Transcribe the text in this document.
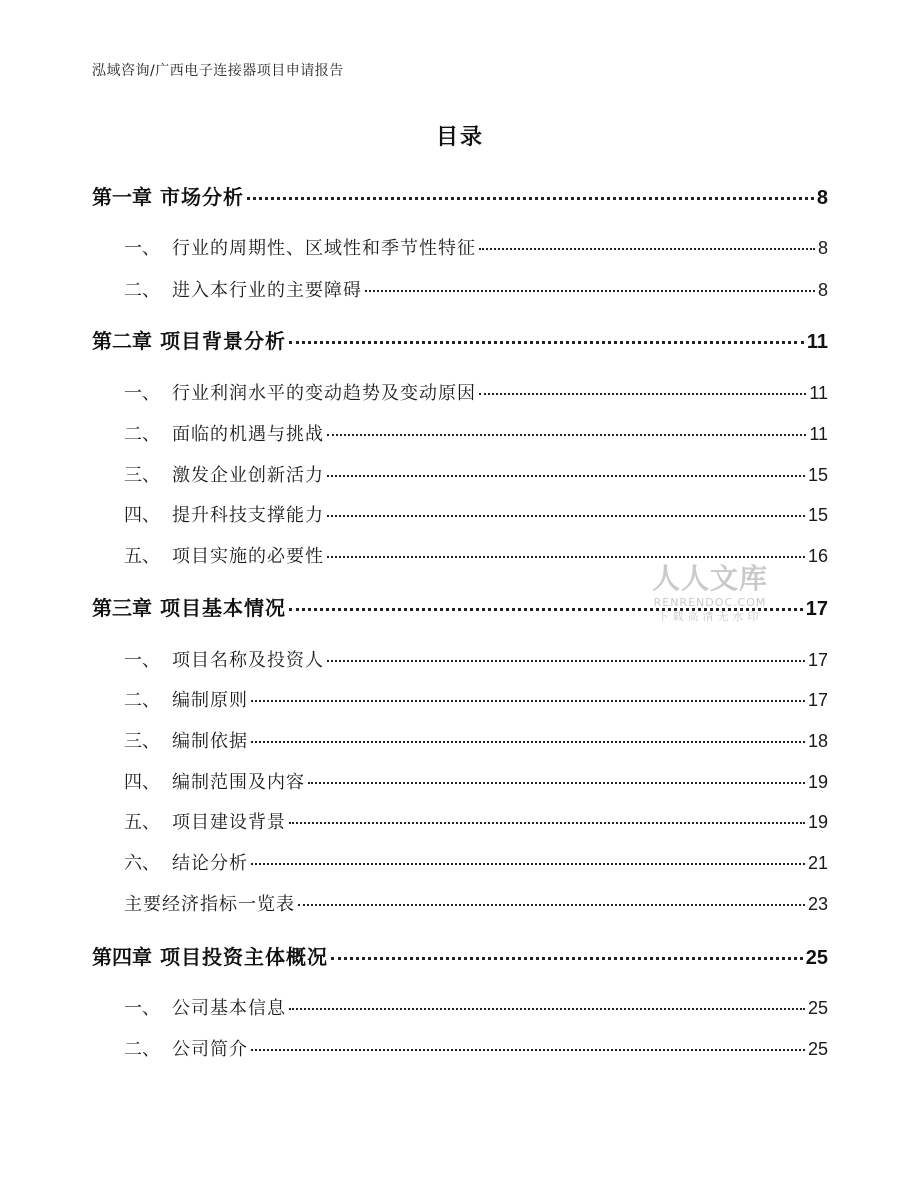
泓域咨询/广西电子连接器项目申请报告
目录
第一章 市场分析	8
一、 行业的周期性、区域性和季节性特征	8
二、 进入本行业的主要障碍	8
第二章 项目背景分析	11
一、 行业利润水平的变动趋势及变动原因	11
二、 面临的机遇与挑战	11
三、 激发企业创新活力	15
四、 提升科技支撑能力	15
五、 项目实施的必要性	16
第三章 项目基本情况	17
一、 项目名称及投资人	17
二、 编制原则	17
三、 编制依据	18
四、 编制范围及内容	19
五、 项目建设背景	19
六、 结论分析	21
主要经济指标一览表	23
第四章 项目投资主体概况	25
一、 公司基本信息	25
二、 公司简介	25
人人文库
RENRENDOC.COM
下载高清无水印
